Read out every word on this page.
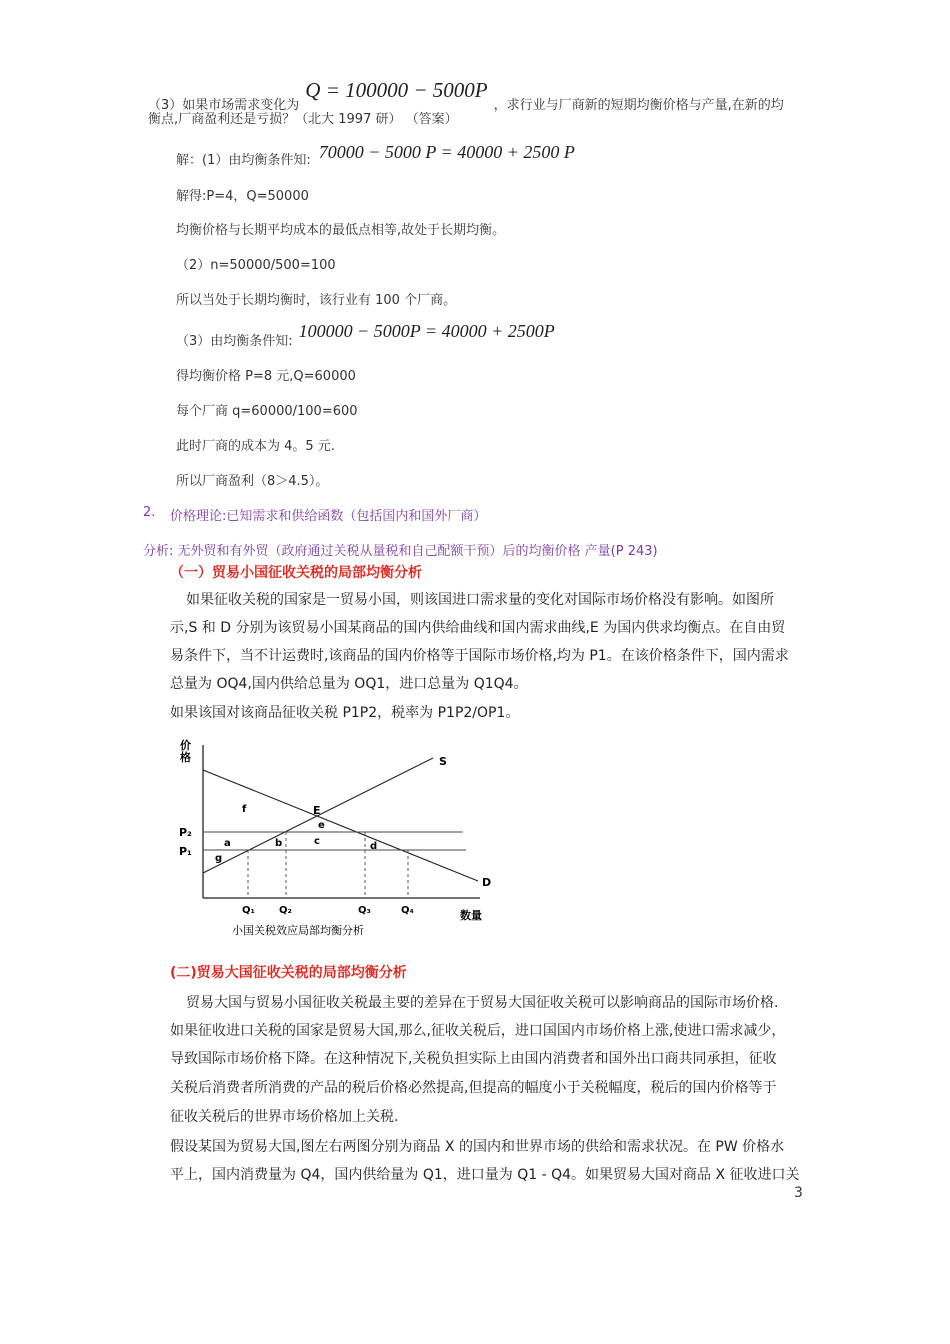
（3）如果市场需求变化为Q = 100000 − 5000P，求行业与厂商新的短期均衡价格与产量,在新的均
衡点,厂商盈利还是亏损？（北大 1997 研） （答案）
解：(1）由均衡条件知: 70000 − 5000 P = 40000 + 2500 P
解得:P=4，Q=50000
均衡价格与长期平均成本的最低点相等,故处于长期均衡。
（2）n=50000/500=100
所以当处于长期均衡时，该行业有 100 个厂商。
（3）由均衡条件知:100000 − 5000P = 40000 + 2500P
得均衡价格 P=8 元,Q=60000
每个厂商 q=60000/100=600
此时厂商的成本为 4。5 元.
所以厂商盈利（8＞4.5）。
2. 价格理论:已知需求和供给函数（包括国内和国外厂商）
分析: 无外贸和有外贸（政府通过关税从量税和自己配额干预）后的均衡价格 产量(P 243)
（一）贸易小国征收关税的局部均衡分析
如果征收关税的国家是一贸易小国，则该国进口需求量的变化对国际市场价格没有影响。如图所
示,S 和 D 分别为该贸易小国某商品的国内供给曲线和国内需求曲线,E 为国内供求均衡点。在自由贸
易条件下，当不计运费时,该商品的国内价格等于国际市场价格,均为 P1。在该价格条件下，国内需求
总量为 OQ4,国内供给总量为 OQ1，进口总量为 Q1Q4。
如果该国对该商品征收关税 P1P2，税率为 P1P2/OP1。
价
格	S
D
P₂
P₁
E
f
e
a	b	c	d
g
Q₁ Q₂	Q₃	Q₄	数量
小国关税效应局部均衡分析
(二)贸易大国征收关税的局部均衡分析
贸易大国与贸易小国征收关税最主要的差异在于贸易大国征收关税可以影响商品的国际市场价格.
如果征收进口关税的国家是贸易大国,那么,征收关税后，进口国国内市场价格上涨,使进口需求减少，
导致国际市场价格下降。在这种情况下,关税负担实际上由国内消费者和国外出口商共同承担，征收
关税后消费者所消费的产品的税后价格必然提高,但提高的幅度小于关税幅度，税后的国内价格等于
征收关税后的世界市场价格加上关税.
假设某国为贸易大国,图左右两图分别为商品 X 的国内和世界市场的供给和需求状况。在 PW 价格水
平上，国内消费量为 Q4，国内供给量为 Q1，进口量为 Q1 - Q4。如果贸易大国对商品 X 征收进口关
3
